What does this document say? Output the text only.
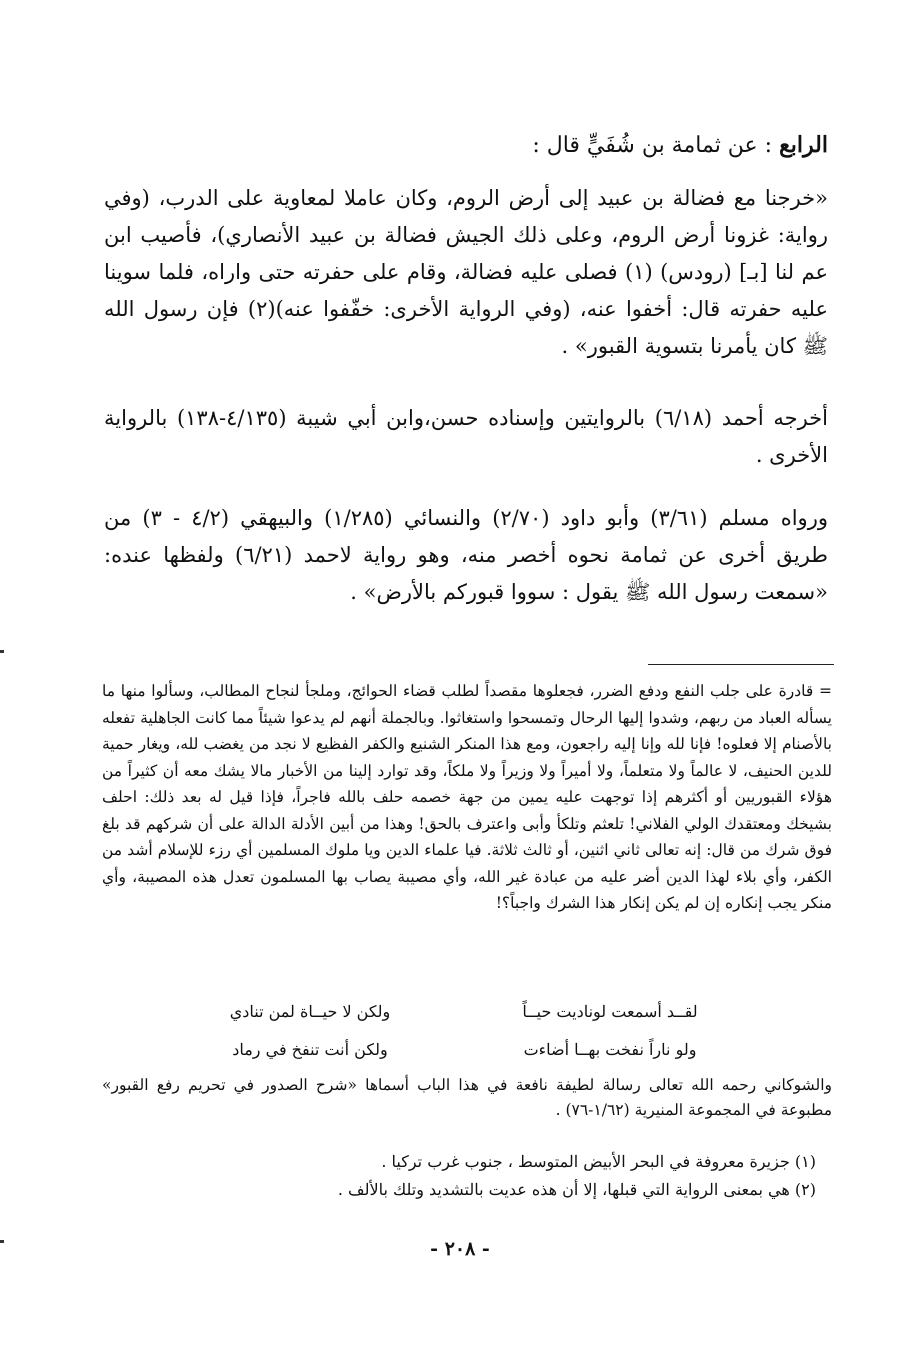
الرابع : عن ثمامة بن شُفَيٍّ قال :

«خرجنا مع فضالة بن عبيد إلى أرض الروم، وكان عاملا لمعاوية على الدرب، (وفي رواية: غزونا أرض الروم، وعلى ذلك الجيش فضالة بن عبيد الأنصاري)، فأصيب ابن عم لنا [بـ] (رودس) (١) فصلى عليه فضالة، وقام على حفرته حتى واراه، فلما سوينا عليه حفرته قال: أخفوا عنه، (وفي الرواية الأخرى: خفّفوا عنه)(٢) فإن رسول الله ﷺ كان يأمرنا بتسوية القبور» .

أخرجه أحمد (٦/١٨) بالروايتين وإسناده حسن،وابن أبي شيبة (٤/١٣٥-١٣٨) بالرواية الأخرى .

ورواه مسلم (٣/٦١) وأبو داود (٢/٧٠) والنسائي (١/٢٨٥) والبيهقي (٤/٢ - ٣) من طريق أخرى عن ثمامة نحوه أخصر منه، وهو رواية لاحمد (٦/٢١) ولفظها عنده: «سمعت رسول الله ﷺ يقول : سووا قبوركم بالأرض» .

= قادرة على جلب النفع ودفع الضرر، فجعلوها مقصداً لطلب قضاء الحوائج، وملجأ لنجاح المطالب، وسألوا منها ما يسأله العباد من ربهم، وشدوا إليها الرحال وتمسحوا واستغاثوا. وبالجملة أنهم لم يدعوا شيئاً مما كانت الجاهلية تفعله بالأصنام إلا فعلوه! فإنا لله وإنا إليه راجعون، ومع هذا المنكر الشنيع والكفر الفظيع لا نجد من يغضب لله، ويغار حمية للدين الحنيف، لا عالماً ولا متعلماً، ولا أميراً ولا وزيراً ولا ملكاً، وقد توارد إلينا من الأخبار مالا يشك معه أن كثيراً من هؤلاء القبوريين أو أكثرهم إذا توجهت عليه يمين من جهة خصمه حلف بالله فاجراً، فإذا قيل له بعد ذلك: احلف بشيخك ومعتقدك الولي الفلاني! تلعثم وتلكأ وأبى واعترف بالحق! وهذا من أبين الأدلة الدالة على أن شركهم قد بلغ فوق شرك من قال: إنه تعالى ثاني اثنين، أو ثالث ثلاثة. فيا علماء الدين ويا ملوك المسلمين أي رزء للإسلام أشد من الكفر، وأي بلاء لهذا الدين أضر عليه من عبادة غير الله، وأي مصيبة يصاب بها المسلمون تعدل هذه المصيبة، وأي منكر يجب إنكاره إن لم يكن إنكار هذا الشرك واجباً؟!

لقــد أسمعت لوناديت حيــاً
ولكن لا حيــاة لمن تنادي
ولو ناراً نفخت بهــا أضاءت
ولكن أنت تنفخ في رماد

والشوكاني رحمه الله تعالى رسالة لطيفة نافعة في هذا الباب أسماها «شرح الصدور في تحريم رفع القبور» مطبوعة في المجموعة المنيرية (١/٦٢-٧٦) .

(١) جزيرة معروفة في البحر الأبيض المتوسط ، جنوب غرب تركيا .

(٢) هي بمعنى الرواية التي قبلها، إلا أن هذه عديت بالتشديد وتلك بالألف .

- ٢٠٨ -
